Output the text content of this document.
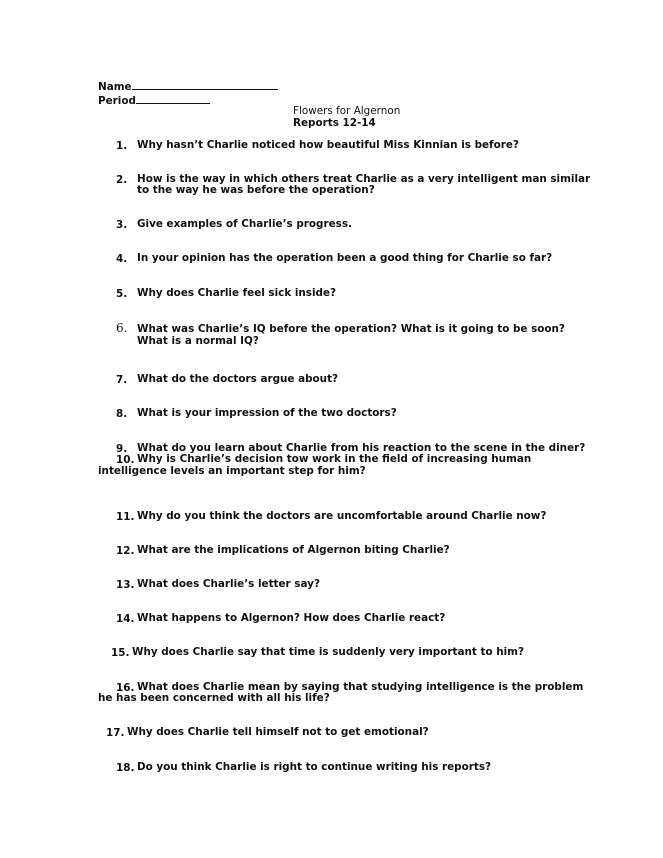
Name
Period
Flowers for Algernon
Reports 12-14
1. Why hasn’t Charlie noticed how beautiful Miss Kinnian is before?
2. How is the way in which others treat Charlie as a very intelligent man similar
to the way he was before the operation?
3. Give examples of Charlie’s progress.
4. In your opinion has the operation been a good thing for Charlie so far?
5. Why does Charlie feel sick inside?
6. What was Charlie’s IQ before the operation? What is it going to be soon?
What is a normal IQ?
7. What do the doctors argue about?
8. What is your impression of the two doctors?
9. What do you learn about Charlie from his reaction to the scene in the diner?
10. Why is Charlie’s decision tow work in the field of increasing human
intelligence levels an important step for him?
11. Why do you think the doctors are uncomfortable around Charlie now?
12. What are the implications of Algernon biting Charlie?
13. What does Charlie’s letter say?
14. What happens to Algernon? How does Charlie react?
15. Why does Charlie say that time is suddenly very important to him?
16. What does Charlie mean by saying that studying intelligence is the problem
he has been concerned with all his life?
17. Why does Charlie tell himself not to get emotional?
18. Do you think Charlie is right to continue writing his reports?
